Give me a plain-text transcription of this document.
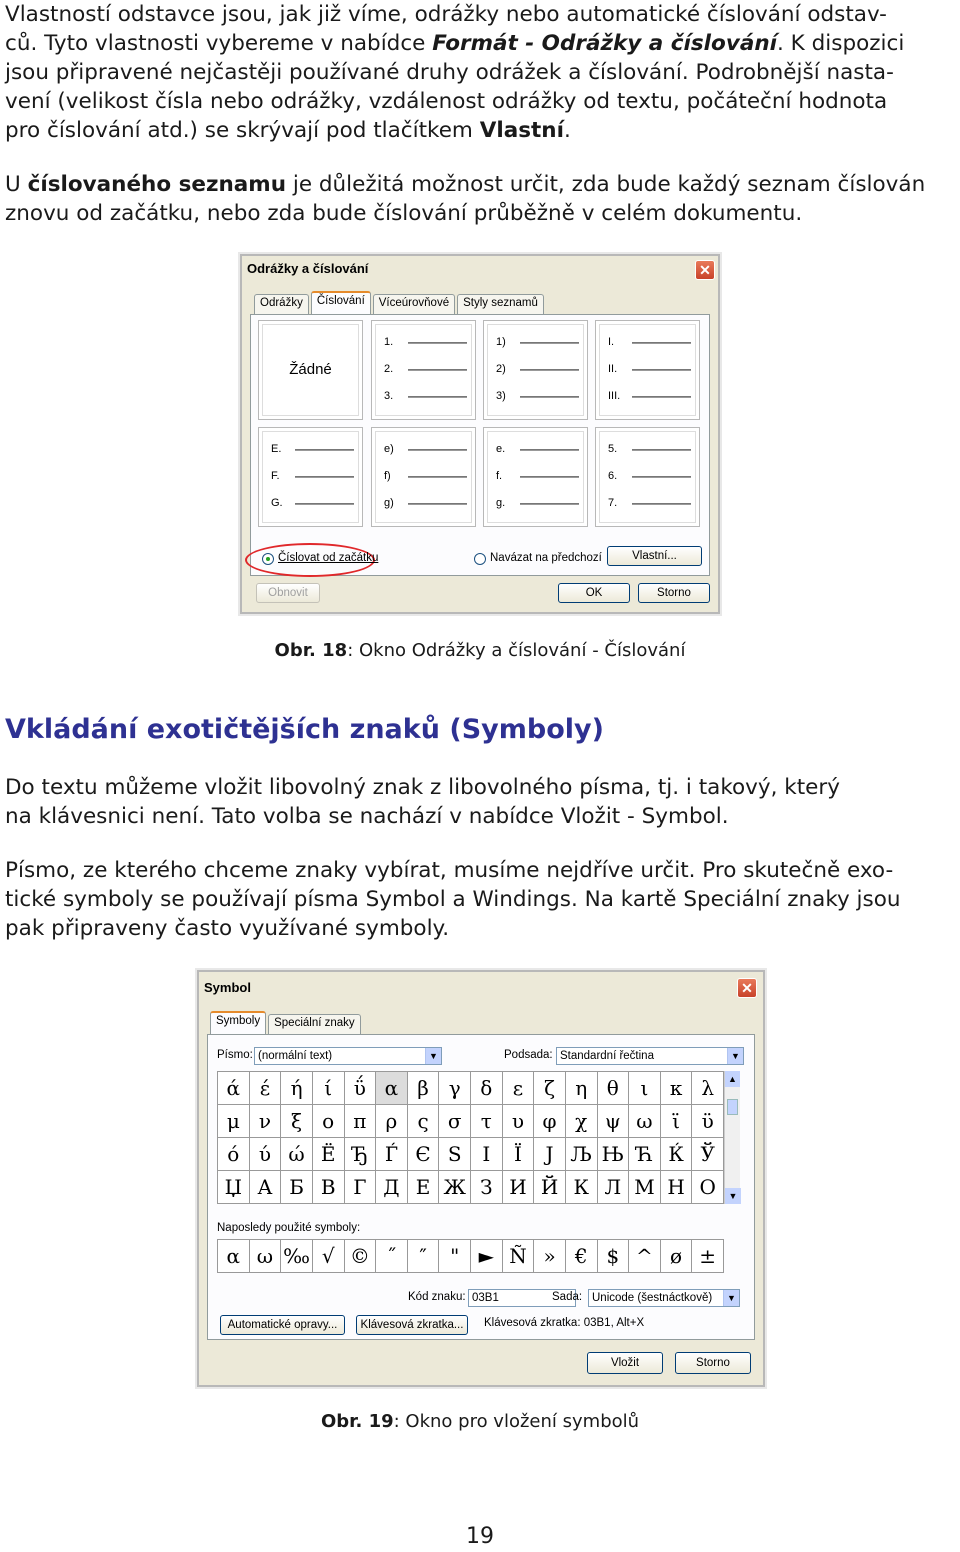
Vlastností odstavce jsou, jak již víme, odrážky nebo automatické číslování odstav-
ců. Tyto vlastnosti vybereme v nabídce Formát - Odrážky a číslování. K dispozici
jsou připravené nejčastěji používané druhy odrážek a číslování. Podrobnější nasta-
vení (velikost čísla nebo odrážky, vzdálenost odrážky od textu, počáteční hodnota
pro číslování atd.) se skrývají pod tlačítkem Vlastní.
U číslovaného seznamu je důležitá možnost určit, zda bude každý seznam číslován
znovu od začátku, nebo zda bude číslování průběžně v celém dokumentu.
Odrážky a číslování	✕
Odrážky	Číslování	Víceúrovňové	Styly seznamů
Žádné
1.
2.
3.
1)
2)
3)
I.
II.
III.
E.
F.
G.
e)
f)
g)
e.
f.
g.
5.
6.
7.
Číslovat od začátku	Navázat na předchozí	Vlastní...
Obnovit	OK	Storno
Obr. 18: Okno Odrážky a číslování - Číslování
Vkládání exotičtějších znaků (Symboly)
Do textu můžeme vložit libovolný znak z libovolného písma, tj. i takový, který
na klávesnici není. Tato volba se nachází v nabídce Vložit - Symbol.
Písmo, ze kterého chceme znaky vybírat, musíme nejdříve určit. Pro skutečně exo-
tické symboly se používají písma Symbol a Windings. Na kartě Speciální znaky jsou
pak připraveny často využívané symboly.
Symbol	✕
Symboly	Speciální znaky
Písmo: (normální text)	▼	Podsada: Standardní řečtina	▼
ά έ	ή	ί	ΰ α β γ δ	ε	ζ	η θ	ι	κ λ
μ ν	ξ	ο π ρ	ς σ τ	υ φ χ ψ ω ϊ	ϋ
ό ύ ώ Ё Ђ Ѓ Є Ѕ	І	Ї	Ј Љ Њ Ћ Ќ Ў
Џ А Б В Г Д Е Ж З И Й К Л М Н О
▲
▼
Naposledy použité symboly:
α ω ‰ √ © ˝	″	" ► Ñ » € $ ^ ø ±
Kód znaku: 03B1	Sada: Unicode (šestnáctkově)	▼
Automatické opravy...	Klávesová zkratka...	Klávesová zkratka: 03B1, Alt+X
Vložit	Storno
Obr. 19: Okno pro vložení symbolů
19
